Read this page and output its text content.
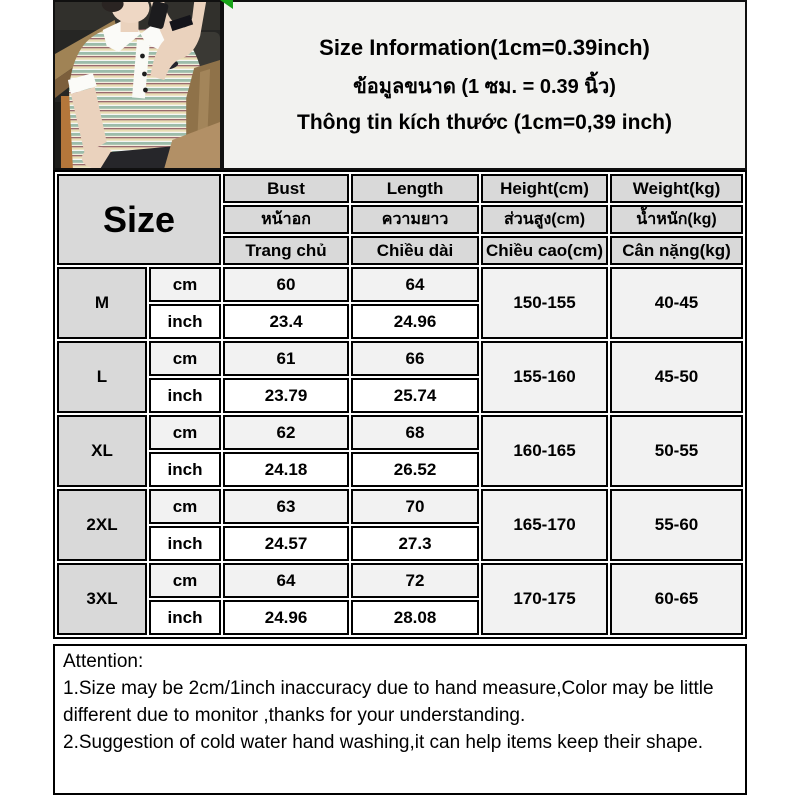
Size Information(1cm=0.39inch)
ข้อมูลขนาด (1 ซม. = 0.39 นิ้ว)
Thông tin kích thước (1cm=0,39 inch)
Size		Bust	Length	Height(cm)	Weight(kg)
		หน้าอก	ความยาว	ส่วนสูง(cm)	น้ำหนัก(kg)
		Trang chủ	Chiều dài	Chiều cao(cm)	Cân nặng(kg)
M	cm	60	64	150-155	40-45
	inch	23.4	24.96		
L	cm	61	66	155-160	45-50
	inch	23.79	25.74		
XL	cm	62	68	160-165	50-55
	inch	24.18	26.52		
2XL	cm	63	70	165-170	55-60
	inch	24.57	27.3		
3XL	cm	64	72	170-175	60-65
	inch	24.96	28.08		
Attention:
1.Size may be 2cm/1inch inaccuracy due to hand measure,Color may be little different due to monitor ,thanks for your understanding.
2.Suggestion of cold water hand washing,it can help items keep their shape.
